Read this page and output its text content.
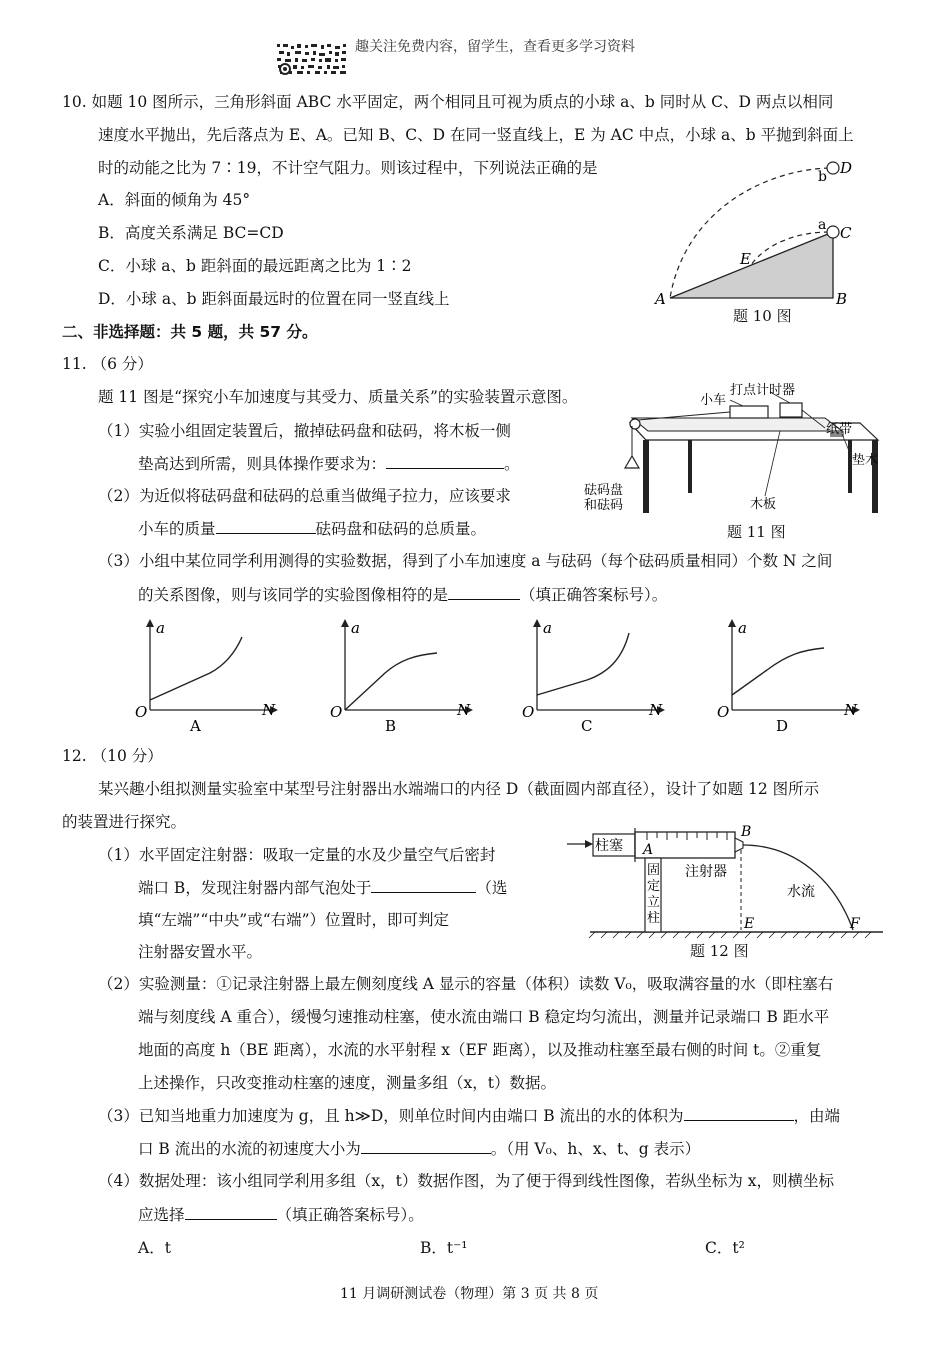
趣关注免费内容，留学生，查看更多学习资料
10. 如题 10 图所示，三角形斜面 ABC 水平固定，两个相同且可视为质点的小球 a、b 同时从 C、D 两点以相同
速度水平抛出，先后落点为 E、A。已知 B、C、D 在同一竖直线上，E 为 AC 中点，小球 a、b 平抛到斜面上
时的动能之比为 7∶19，不计空气阻力。则该过程中，下列说法正确的是
A．斜面的倾角为 45°
B．高度关系满足 BC=CD
C．小球 a、b 距斜面的最远距离之比为 1∶2
D．小球 a、b 距斜面最远时的位置在同一竖直线上	A	B
C
D
E
a
b
题 10 图
二、非选择题：共 5 题，共 57 分。
11. （6 分）
题 11 图是“探究小车加速度与其受力、质量关系”的实验装置示意图。
（1）实验小组固定装置后，撤掉砝码盘和砝码，将木板一侧
垫高达到所需，则具体操作要求为：	。
（2）为近似将砝码盘和砝码的总重当做绳子拉力，应该要求
小车的质量	砝码盘和砝码的总质量。
（3）小组中某位同学利用测得的实验数据，得到了小车加速度 a 与砝码（每个砝码质量相同）个数 N 之间
的关系图像，则与该同学的实验图像相符的是	（填正确答案标号）。
小车
打点计时器
纸带
垫木
木板
砝码盘
和砝码
题 11 图
a
N
O
A
a
N
O
B
a
N
O
C
a
N
O
D
12. （10 分）
某兴趣小组拟测量实验室中某型号注射器出水端端口的内径 D（截面圆内部直径），设计了如题 12 图所示
的装置进行探究。
（1）水平固定注射器：吸取一定量的水及少量空气后密封
端口 B，发现注射器内部气泡处于	（选
填“左端”“中央”或“右端”）位置时，即可判定
注射器安置水平。
柱塞
注射器
固
定
立
柱
水流
A
B
E	F
题 12 图
（2）实验测量：①记录注射器上最左侧刻度线 A 显示的容量（体积）读数 V₀，吸取满容量的水（即柱塞右
端与刻度线 A 重合），缓慢匀速推动柱塞，使水流由端口 B 稳定均匀流出，测量并记录端口 B 距水平
地面的高度 h（BE 距离），水流的水平射程 x（EF 距离），以及推动柱塞至最右侧的时间 t。②重复
上述操作，只改变推动柱塞的速度，测量多组（x，t）数据。
（3）已知当地重力加速度为 g，且 h≫D，则单位时间内由端口 B 流出的水的体积为	，由端
口 B 流出的水流的初速度大小为	。（用 V₀、h、x、t、g 表示）
（4）数据处理：该小组同学利用多组（x，t）数据作图，为了便于得到线性图像，若纵坐标为 x，则横坐标
应选择	（填正确答案标号）。
A．t	B．t⁻¹	C．t²
11 月调研测试卷（物理）第 3 页 共 8 页
